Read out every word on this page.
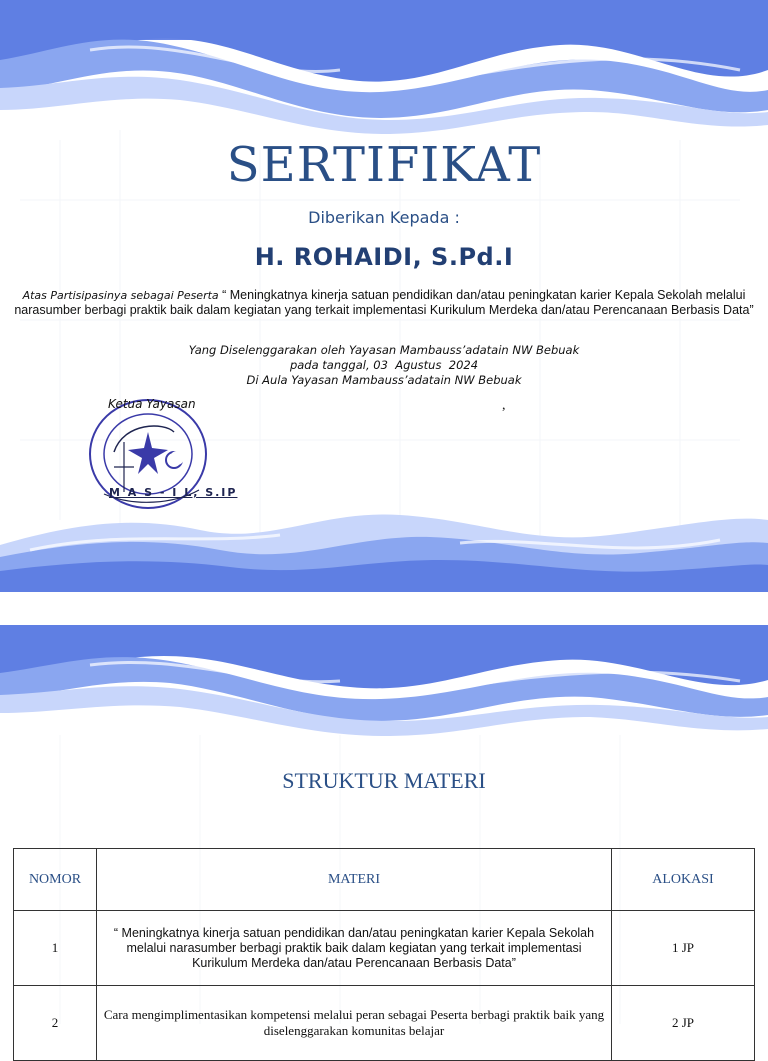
SERTIFIKAT
Diberikan Kepada :
H. ROHAIDI, S.Pd.I
Atas Partisipasinya sebagai Peserta “ Meningkatnya kinerja satuan pendidikan dan/atau peningkatan karier Kepala Sekolah melalui narasumber berbagi praktik baik dalam kegiatan yang terkait implementasi Kurikulum Merdeka dan/atau Perencanaan Berbasis Data”
Yang Diselenggarakan oleh Yayasan Mambauss’adatain NW Bebuak
pada tanggal, 03  Agustus  2024
Di Aula Yayasan Mambauss’adatain NW Bebuak
Ketua Yayasan	,
M A S - I L, S.IP
STRUKTUR MATERI
NOMOR	MATERI	ALOKASI
1	“ Meningkatnya kinerja satuan pendidikan dan/atau peningkatan karier Kepala Sekolah melalui narasumber berbagi praktik baik dalam kegiatan yang terkait implementasi Kurikulum Merdeka dan/atau Perencanaan Berbasis Data”	1 JP
2	Cara mengimplimentasikan kompetensi melalui peran sebagai Peserta berbagi praktik baik yang diselenggarakan komunitas belajar	2 JP
